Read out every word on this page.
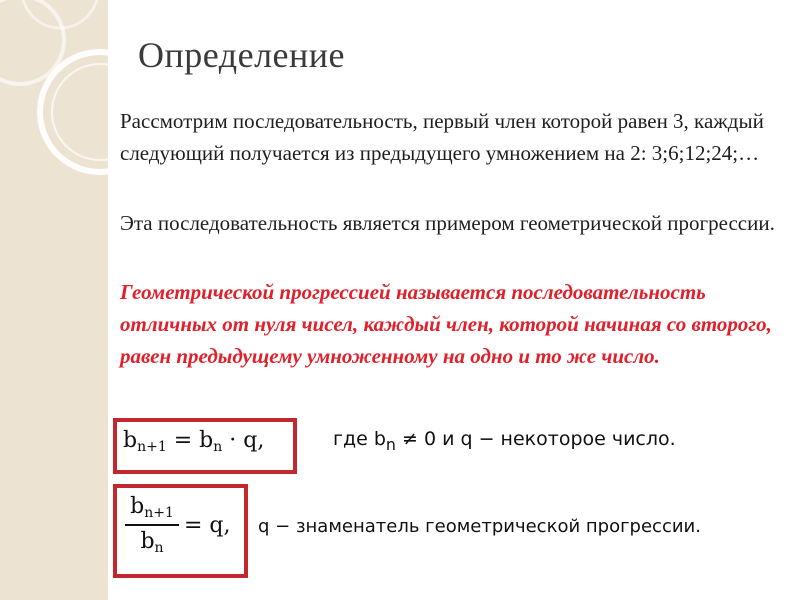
Определение
Рассмотрим последовательность, первый член которой равен 3, каждый следующий получается из предыдущего умножением на 2: 3;6;12;24;…
Эта последовательность является примером геометрической прогрессии.
Геометрической прогрессией называется последовательность отличных от нуля чисел, каждый член, которой начиная со второго, равен предыдущему умноженному на одно и то же число.
$b_{n+1} = b_n \cdot q$,	где $b_n \ne 0$ и q − некоторое число.
$b_{n+1}$
$b_n$
= q, q − знаменатель геометрической прогрессии.
